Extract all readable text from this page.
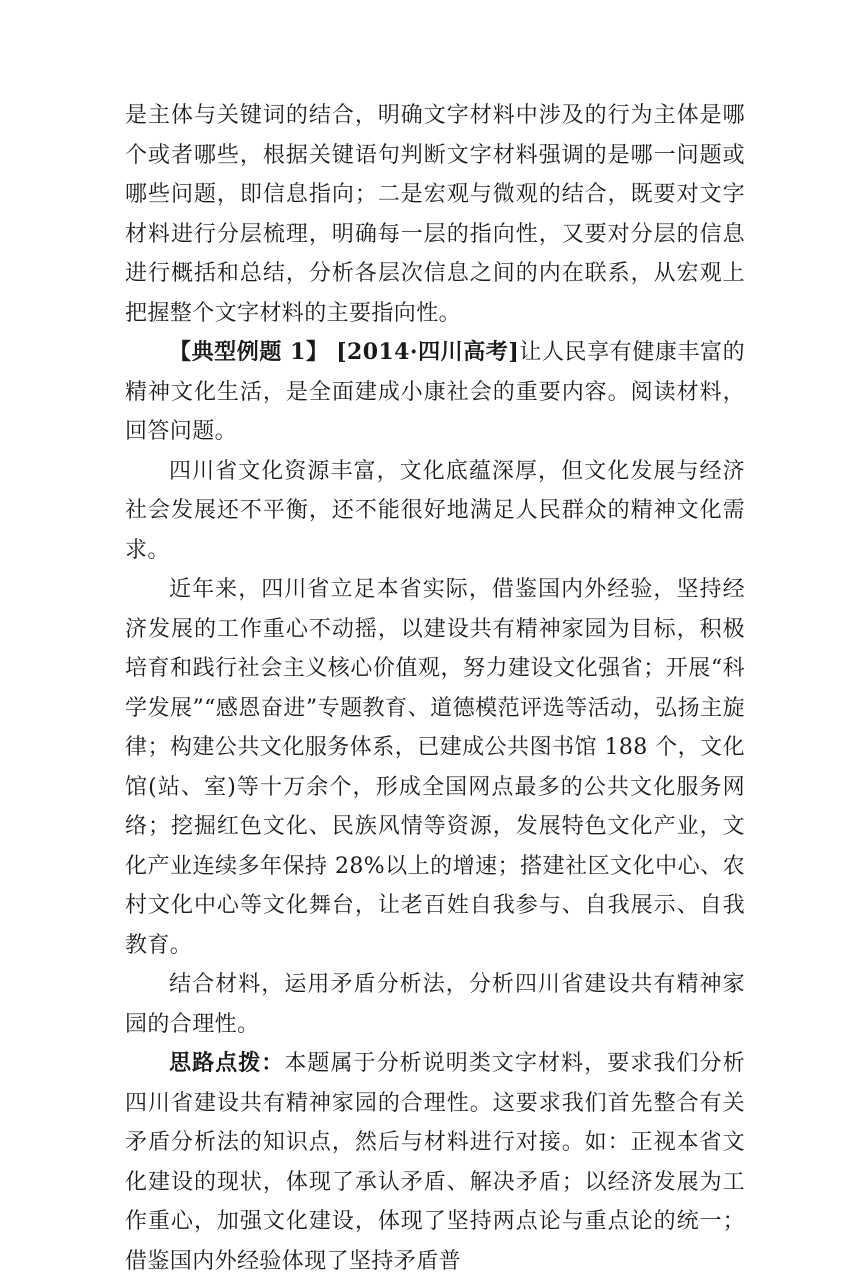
是主体与关键词的结合，明确文字材料中涉及的行为主体是哪个或者哪些，根据关键语句判断文字材料强调的是哪一问题或哪些问题，即信息指向；二是宏观与微观的结合，既要对文字材料进行分层梳理，明确每一层的指向性，又要对分层的信息进行概括和总结，分析各层次信息之间的内在联系，从宏观上把握整个文字材料的主要指向性。

【典型例题 1】 [2014·四川高考]让人民享有健康丰富的精神文化生活，是全面建成小康社会的重要内容。阅读材料，回答问题。

四川省文化资源丰富，文化底蕴深厚，但文化发展与经济社会发展还不平衡，还不能很好地满足人民群众的精神文化需求。

近年来，四川省立足本省实际，借鉴国内外经验，坚持经济发展的工作重心不动摇，以建设共有精神家园为目标，积极培育和践行社会主义核心价值观，努力建设文化强省；开展“科学发展”“感恩奋进”专题教育、道德模范评选等活动，弘扬主旋律；构建公共文化服务体系，已建成公共图书馆 188 个，文化馆(站、室)等十万余个，形成全国网点最多的公共文化服务网络；挖掘红色文化、民族风情等资源，发展特色文化产业，文化产业连续多年保持 28%以上的增速；搭建社区文化中心、农村文化中心等文化舞台，让老百姓自我参与、自我展示、自我教育。

结合材料，运用矛盾分析法，分析四川省建设共有精神家园的合理性。

思路点拨：本题属于分析说明类文字材料，要求我们分析四川省建设共有精神家园的合理性。这要求我们首先整合有关矛盾分析法的知识点，然后与材料进行对接。如：正视本省文化建设的现状，体现了承认矛盾、解决矛盾；以经济发展为工作重心，加强文化建设，体现了坚持两点论与重点论的统一；借鉴国内外经验体现了坚持矛盾普
